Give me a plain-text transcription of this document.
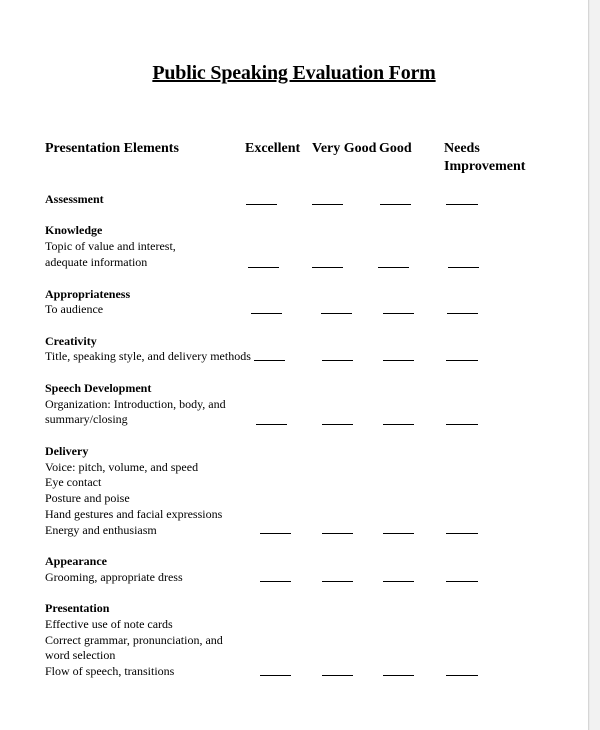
Public Speaking Evaluation Form
Presentation Elements	Excellent Very Good Good Needs
Improvement
Assessment
Knowledge
Topic of value and interest,
adequate information
Appropriateness
To audience
Creativity
Title, speaking style, and delivery methods
Speech Development
Organization: Introduction, body, and
summary/closing
Delivery
Voice: pitch, volume, and speed
Eye contact
Posture and poise
Hand gestures and facial expressions
Energy and enthusiasm
Appearance
Grooming, appropriate dress
Presentation
Effective use of note cards
Correct grammar, pronunciation, and
word selection
Flow of speech, transitions
